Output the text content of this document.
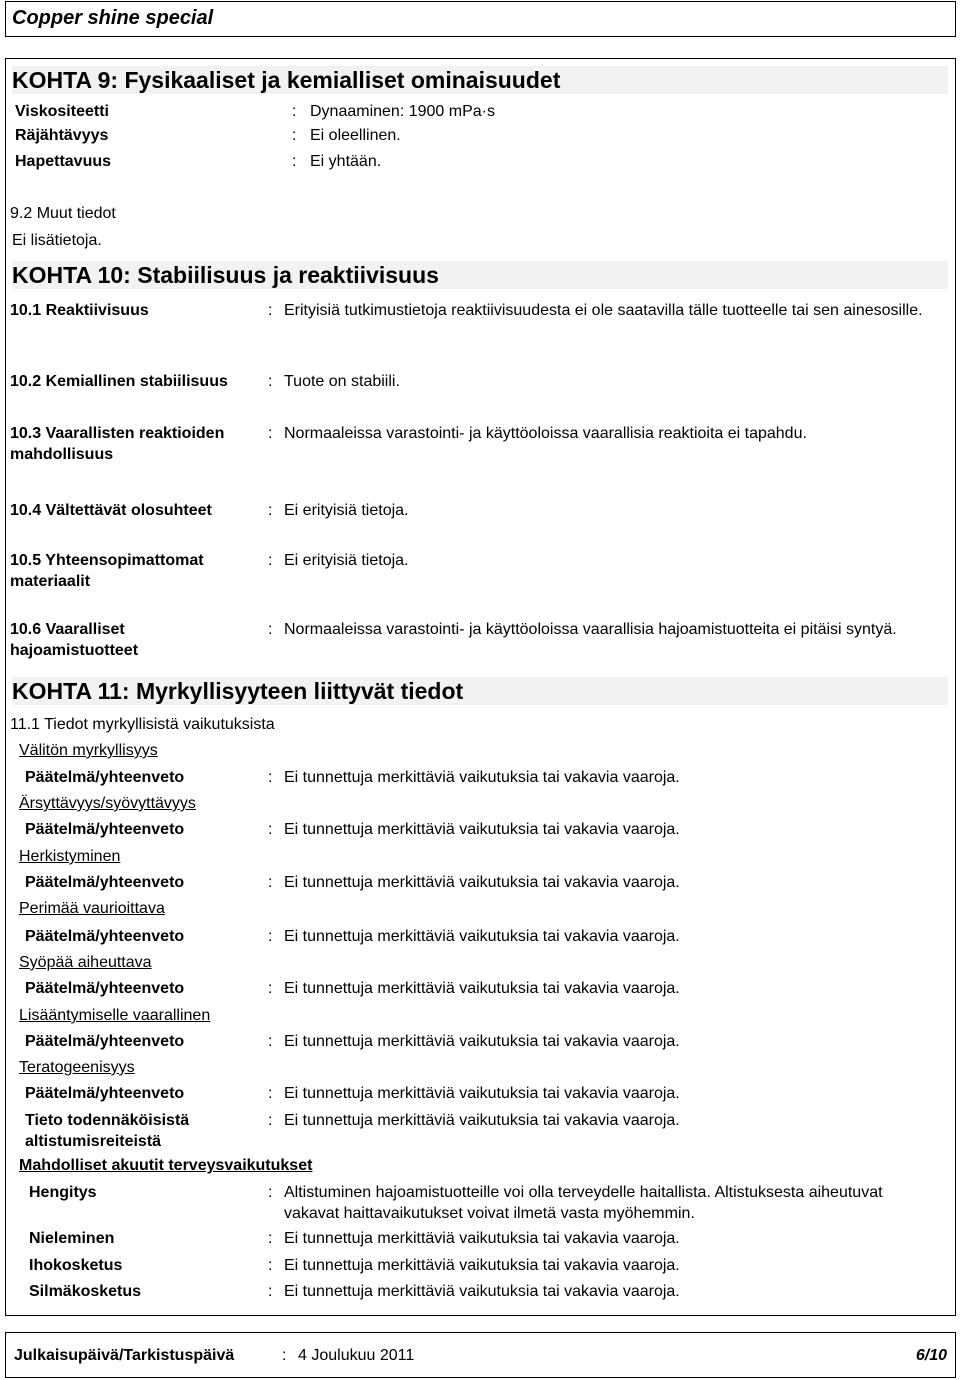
Copper shine special
KOHTA 9: Fysikaaliset ja kemialliset ominaisuudet
Viskositeetti	: Dynaaminen: 1900 mPa·s
Räjähtävyys	: Ei oleellinen.
Hapettavuus	: Ei yhtään.
9.2 Muut tiedot
Ei lisätietoja.
KOHTA 10: Stabiilisuus ja reaktiivisuus
10.1 Reaktiivisuus	: Erityisiä tutkimustietoja reaktiivisuudesta ei ole saatavilla tälle tuotteelle tai sen ainesosille.
10.2 Kemiallinen stabiilisuus	: Tuote on stabiili.
10.3 Vaarallisten reaktioiden mahdollisuus
: Normaaleissa varastointi- ja käyttöoloissa vaarallisia reaktioita ei tapahdu.
10.4 Vältettävät olosuhteet	: Ei erityisiä tietoja.
10.5 Yhteensopimattomat materiaalit
: Ei erityisiä tietoja.
10.6 Vaaralliset hajoamistuotteet
: Normaaleissa varastointi- ja käyttöoloissa vaarallisia hajoamistuotteita ei pitäisi syntyä.
KOHTA 11: Myrkyllisyyteen liittyvät tiedot
11.1 Tiedot myrkyllisistä vaikutuksista
Välitön myrkyllisyys
Päätelmä/yhteenveto	: Ei tunnettuja merkittäviä vaikutuksia tai vakavia vaaroja.
Ärsyttävyys/syövyttävyys
Päätelmä/yhteenveto	: Ei tunnettuja merkittäviä vaikutuksia tai vakavia vaaroja.
Herkistyminen
Päätelmä/yhteenveto	: Ei tunnettuja merkittäviä vaikutuksia tai vakavia vaaroja.
Perimää vaurioittava
Päätelmä/yhteenveto	: Ei tunnettuja merkittäviä vaikutuksia tai vakavia vaaroja.
Syöpää aiheuttava
Päätelmä/yhteenveto	: Ei tunnettuja merkittäviä vaikutuksia tai vakavia vaaroja.
Lisääntymiselle vaarallinen
Päätelmä/yhteenveto	: Ei tunnettuja merkittäviä vaikutuksia tai vakavia vaaroja.
Teratogeenisyys
Päätelmä/yhteenveto	: Ei tunnettuja merkittäviä vaikutuksia tai vakavia vaaroja.
Tieto todennäköisistä altistumisreiteistä
: Ei tunnettuja merkittäviä vaikutuksia tai vakavia vaaroja.
Mahdolliset akuutit terveysvaikutukset
Hengitys	: Altistuminen hajoamistuotteille voi olla terveydelle haitallista. Altistuksesta aiheutuvat vakavat haittavaikutukset voivat ilmetä vasta myöhemmin.
Nieleminen	: Ei tunnettuja merkittäviä vaikutuksia tai vakavia vaaroja.
Ihokosketus	: Ei tunnettuja merkittäviä vaikutuksia tai vakavia vaaroja.
Silmäkosketus	: Ei tunnettuja merkittäviä vaikutuksia tai vakavia vaaroja.
Julkaisupäivä/Tarkistuspäivä	: 4 Joulukuu 2011	6/10
